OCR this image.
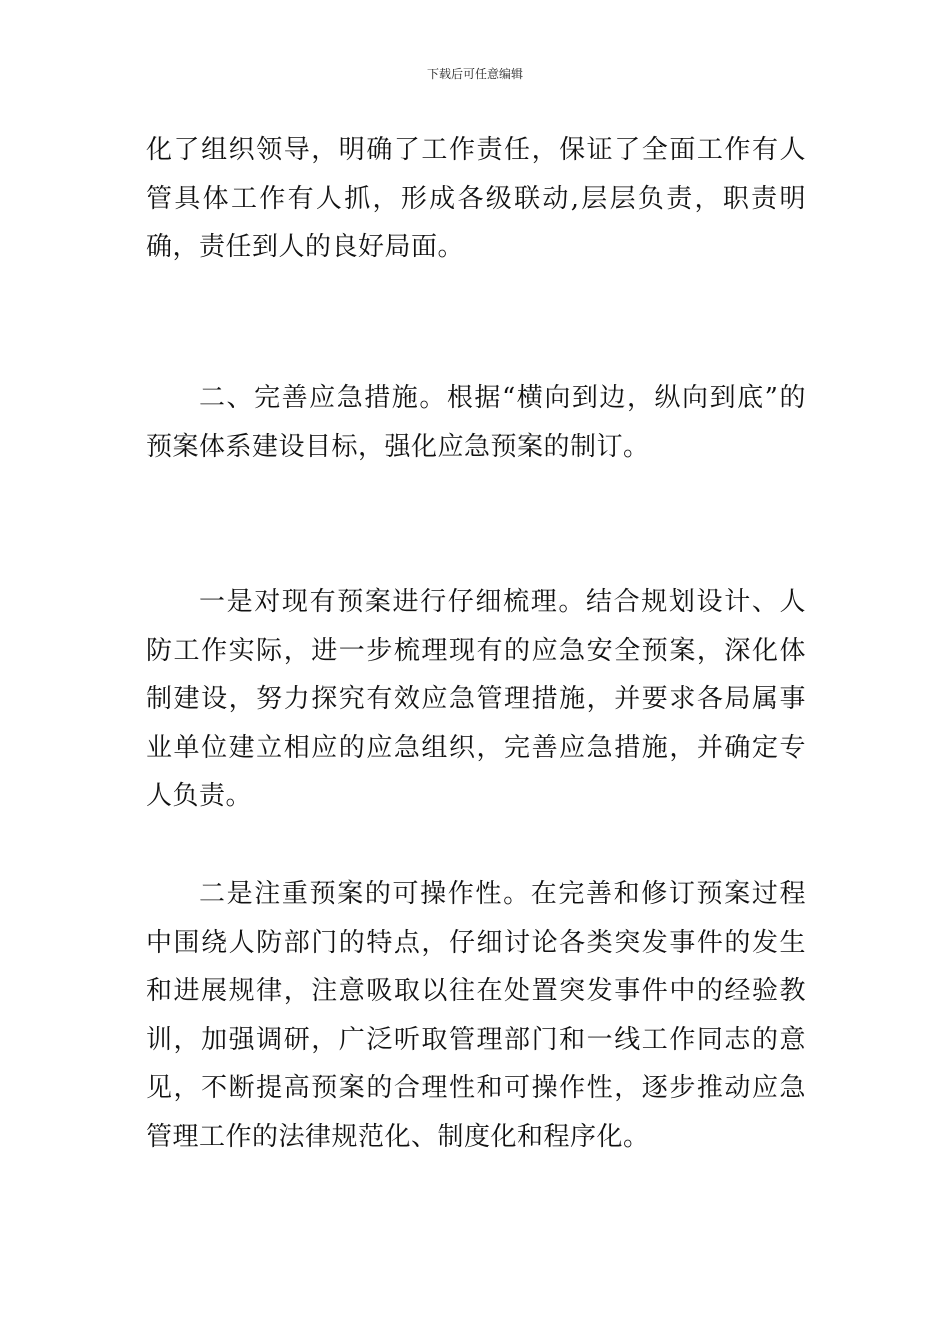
下载后可任意编辑

化了组织领导，明确了工作责任，保证了全面工作有人管具体工作有人抓，形成各级联动,层层负责，职责明确，责任到人的良好局面。

二、完善应急措施。根据“横向到边，纵向到底”的预案体系建设目标，强化应急预案的制订。

一是对现有预案进行仔细梳理。结合规划设计、人防工作实际，进一步梳理现有的应急安全预案，深化体制建设，努力探究有效应急管理措施，并要求各局属事业单位建立相应的应急组织，完善应急措施，并确定专人负责。

二是注重预案的可操作性。在完善和修订预案过程中围绕人防部门的特点，仔细讨论各类突发事件的发生和进展规律，注意吸取以往在处置突发事件中的经验教训，加强调研，广泛听取管理部门和一线工作同志的意见，不断提高预案的合理性和可操作性，逐步推动应急管理工作的法律规范化、制度化和程序化。
